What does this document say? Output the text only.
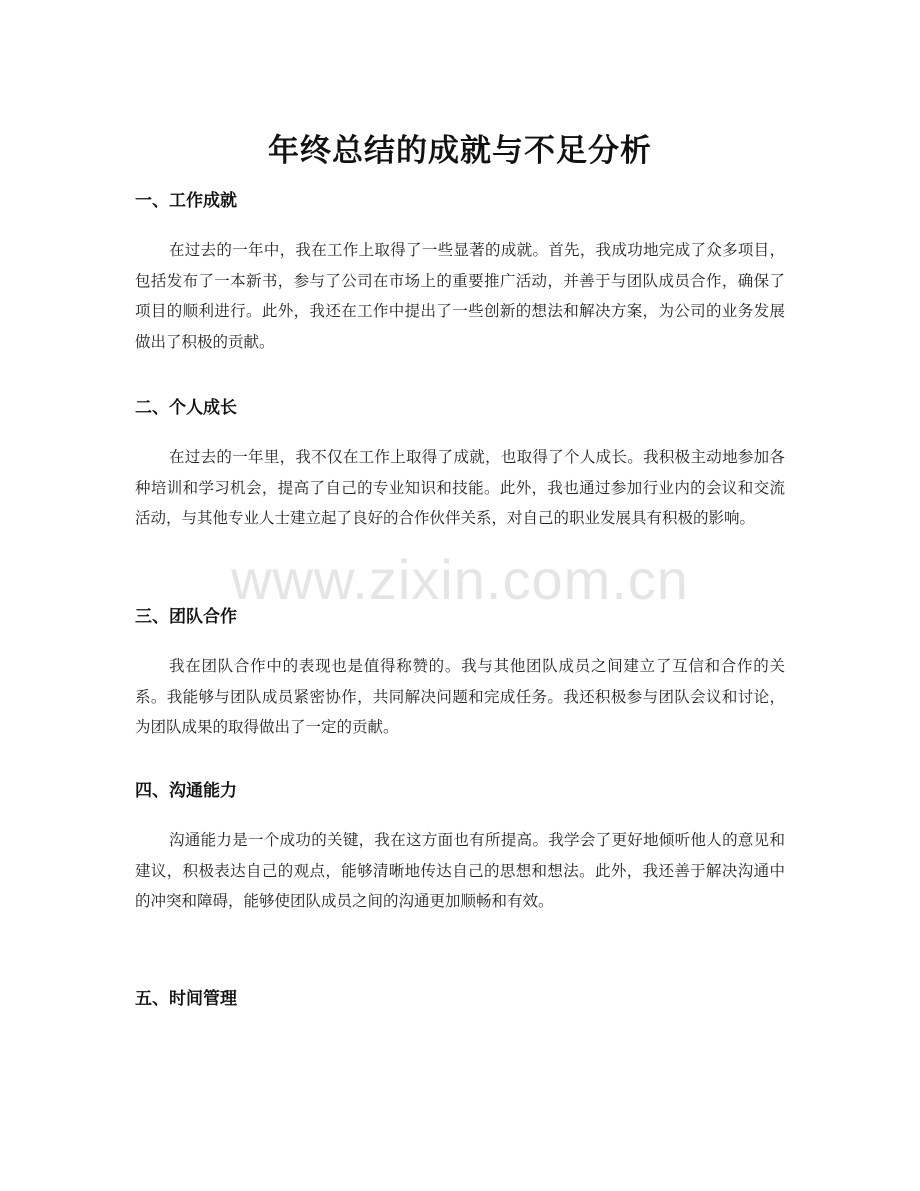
年终总结的成就与不足分析
一、工作成就

在过去的一年中，我在工作上取得了一些显著的成就。首先，我成功地完成了众多项目，包括发布了一本新书，参与了公司在市场上的重要推广活动，并善于与团队成员合作，确保了项目的顺利进行。此外，我还在工作中提出了一些创新的想法和解决方案，为公司的业务发展做出了积极的贡献。

二、个人成长

在过去的一年里，我不仅在工作上取得了成就，也取得了个人成长。我积极主动地参加各种培训和学习机会，提高了自己的专业知识和技能。此外，我也通过参加行业内的会议和交流活动，与其他专业人士建立起了良好的合作伙伴关系，对自己的职业发展具有积极的影响。

三、团队合作

我在团队合作中的表现也是值得称赞的。我与其他团队成员之间建立了互信和合作的关系。我能够与团队成员紧密协作，共同解决问题和完成任务。我还积极参与团队会议和讨论，为团队成果的取得做出了一定的贡献。

四、沟通能力

沟通能力是一个成功的关键，我在这方面也有所提高。我学会了更好地倾听他人的意见和建议，积极表达自己的观点，能够清晰地传达自己的思想和想法。此外，我还善于解决沟通中的冲突和障碍，能够使团队成员之间的沟通更加顺畅和有效。

五、时间管理
www.zixin.com.cn
